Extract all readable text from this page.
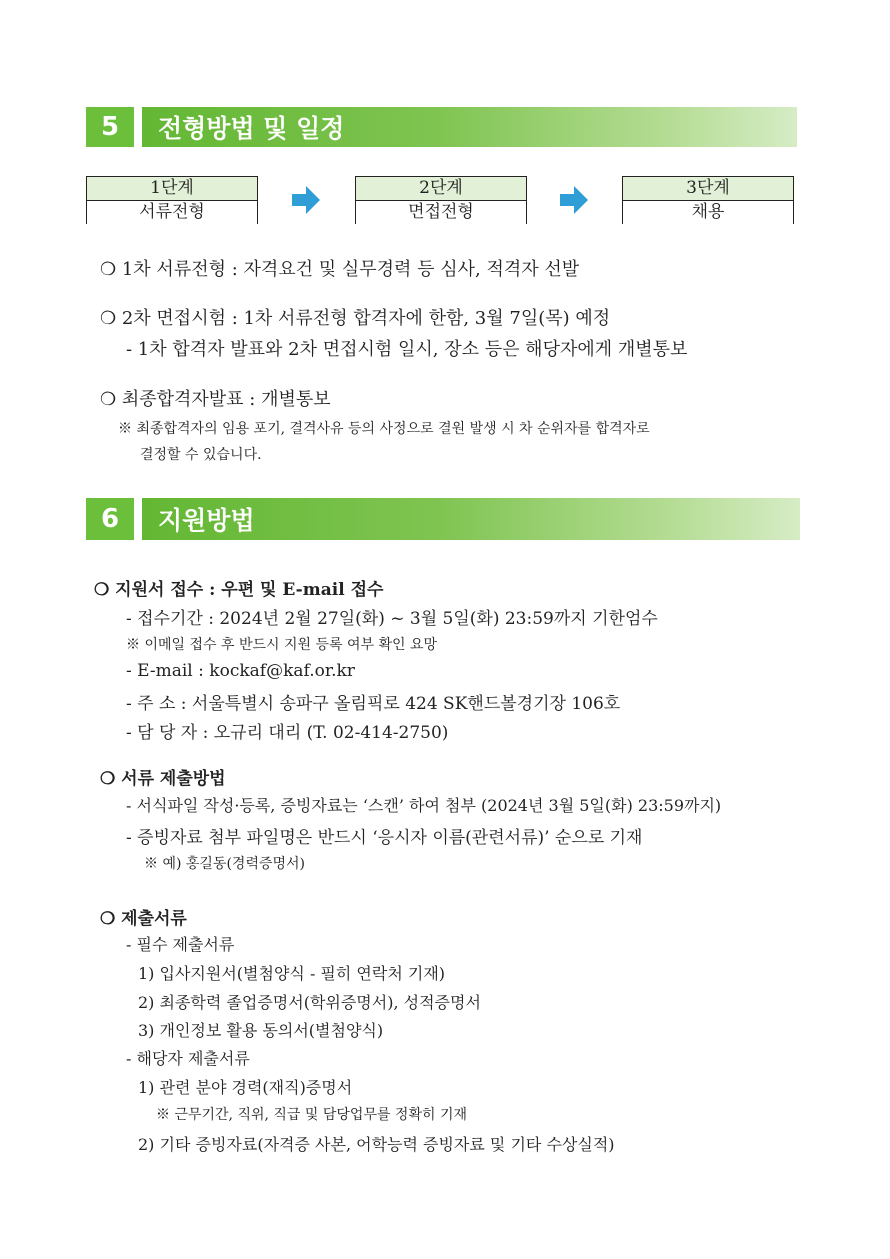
5	전형방법 및 일정
1단계
서류전형
2단계
면접전형
3단계
채용
❍ 1차 서류전형 : 자격요건 및 실무경력 등 심사, 적격자 선발
❍ 2차 면접시험 : 1차 서류전형 합격자에 한함, 3월 7일(목) 예정
- 1차 합격자 발표와 2차 면접시험 일시, 장소 등은 해당자에게 개별통보
❍ 최종합격자발표 : 개별통보
※ 최종합격자의 임용 포기, 결격사유 등의 사정으로 결원 발생 시 차 순위자를 합격자로
결정할 수 있습니다.
6	지원방법
❍ 지원서 접수 : 우편 및 E-mail 접수
- 접수기간 : 2024년 2월 27일(화) ~ 3월 5일(화) 23:59까지 기한엄수
※ 이메일 접수 후 반드시 지원 등록 여부 확인 요망
- E-mail : kockaf@kaf.or.kr
- 주 소 : 서울특별시 송파구 올림픽로 424 SK핸드볼경기장 106호
- 담 당 자 : 오규리 대리 (T. 02-414-2750)
❍ 서류 제출방법
- 서식파일 작성·등록, 증빙자료는 ‘스캔’ 하여 첨부 (2024년 3월 5일(화) 23:59까지)
- 증빙자료 첨부 파일명은 반드시 ‘응시자 이름(관련서류)’ 순으로 기재
※ 예) 홍길동(경력증명서)
❍ 제출서류
- 필수 제출서류
1) 입사지원서(별첨양식 - 필히 연락처 기재)
2) 최종학력 졸업증명서(학위증명서), 성적증명서
3) 개인정보 활용 동의서(별첨양식)
- 해당자 제출서류
1) 관련 분야 경력(재직)증명서
※ 근무기간, 직위, 직급 및 담당업무를 정확히 기재
2) 기타 증빙자료(자격증 사본, 어학능력 증빙자료 및 기타 수상실적)
